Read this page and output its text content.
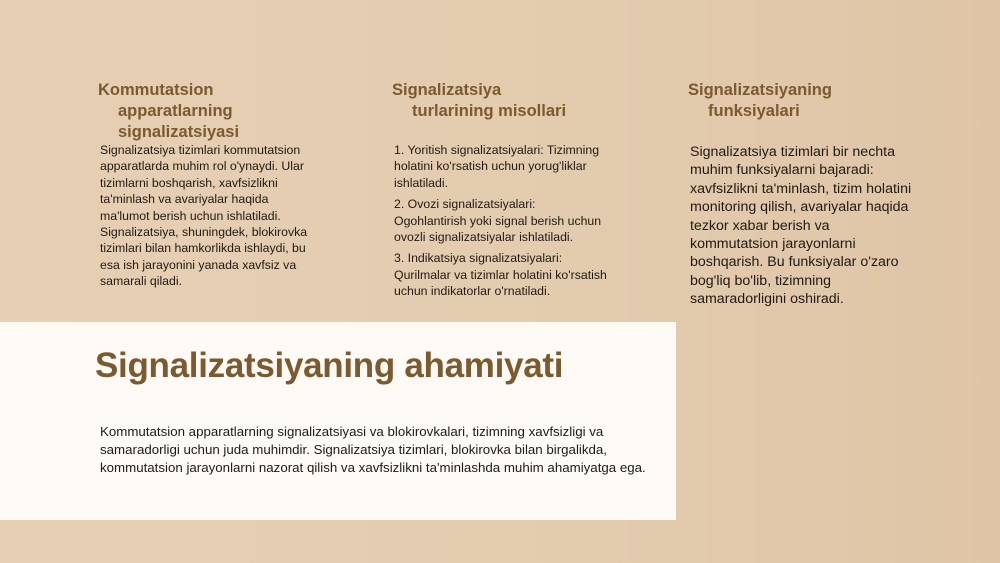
Kommutatsion
apparatlarning
signalizatsiyasi

Signalizatsiya tizimlari kommutatsion apparatlarda muhim rol o'ynaydi. Ular tizimlarni boshqarish, xavfsizlikni ta'minlash va avariyalar haqida ma'lumot berish uchun ishlatiladi. Signalizatsiya, shuningdek, blokirovka tizimlari bilan hamkorlikda ishlaydi, bu esa ish jarayonini yanada xavfsiz va samarali qiladi.

Signalizatsiya
turlarining misollari

1. Yoritish signalizatsiyalari: Tizimning holatini ko'rsatish uchun yorug'liklar ishlatiladi.

2. Ovozi signalizatsiyalari: Ogohlantirish yoki signal berish uchun ovozli signalizatsiyalar ishlatiladi.

3. Indikatsiya signalizatsiyalari: Qurilmalar va tizimlar holatini ko'rsatish uchun indikatorlar o'rnatiladi.

Signalizatsiyaning
funksiyalari

Signalizatsiya tizimlari bir nechta muhim funksiyalarni bajaradi: xavfsizlikni ta'minlash, tizim holatini monitoring qilish, avariyalar haqida tezkor xabar berish va kommutatsion jarayonlarni boshqarish. Bu funksiyalar o'zaro bog'liq bo'lib, tizimning samaradorligini oshiradi.

Signalizatsiyaning ahamiyati

Kommutatsion apparatlarning signalizatsiyasi va blokirovkalari, tizimning xavfsizligi va samaradorligi uchun juda muhimdir. Signalizatsiya tizimlari, blokirovka bilan birgalikda, kommutatsion jarayonlarni nazorat qilish va xavfsizlikni ta'minlashda muhim ahamiyatga ega.
